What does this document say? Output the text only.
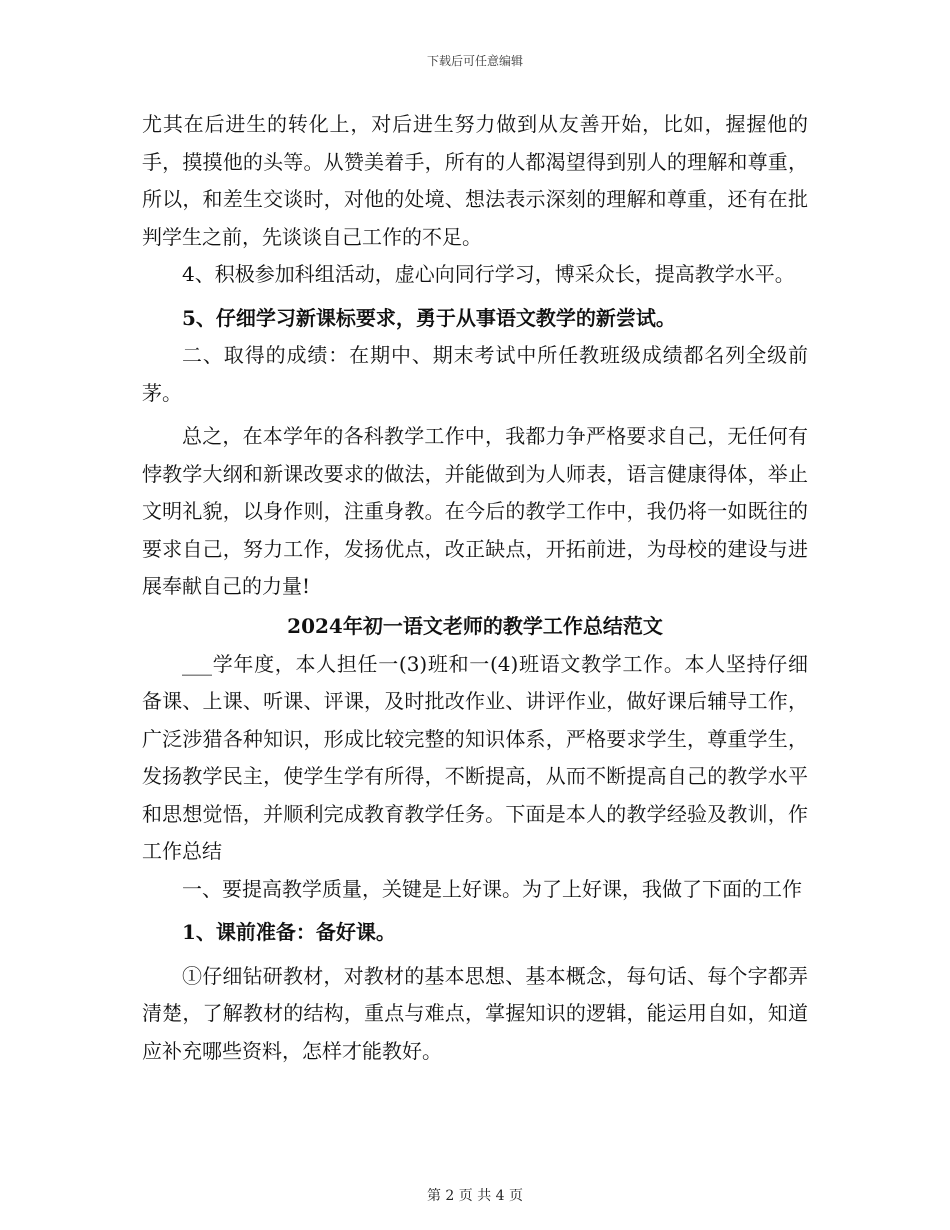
下载后可任意编辑

尤其在后进生的转化上，对后进生努力做到从友善开始，比如，握握他的手，摸摸他的头等。从赞美着手，所有的人都渴望得到别人的理解和尊重，所以，和差生交谈时，对他的处境、想法表示深刻的理解和尊重，还有在批判学生之前，先谈谈自己工作的不足。

4、积极参加科组活动，虚心向同行学习，博采众长，提高教学水平。

5、仔细学习新课标要求，勇于从事语文教学的新尝试。

二、取得的成绩：在期中、期末考试中所任教班级成绩都名列全级前茅。

总之，在本学年的各科教学工作中，我都力争严格要求自己，无任何有悖教学大纲和新课改要求的做法，并能做到为人师表，语言健康得体，举止文明礼貌，以身作则，注重身教。在今后的教学工作中，我仍将一如既往的要求自己，努力工作，发扬优点，改正缺点，开拓前进，为母校的建设与进展奉献自己的力量!

2024年初一语文老师的教学工作总结范文

___学年度，本人担任一(3)班和一(4)班语文教学工作。本人坚持仔细备课、上课、听课、评课，及时批改作业、讲评作业，做好课后辅导工作，广泛涉猎各种知识，形成比较完整的知识体系，严格要求学生，尊重学生，发扬教学民主，使学生学有所得，不断提高，从而不断提高自己的教学水平和思想觉悟，并顺利完成教育教学任务。下面是本人的教学经验及教训，作工作总结

一、要提高教学质量，关键是上好课。为了上好课，我做了下面的工作

1、课前准备：备好课。

①仔细钻研教材，对教材的基本思想、基本概念，每句话、每个字都弄清楚，了解教材的结构，重点与难点，掌握知识的逻辑，能运用自如，知道应补充哪些资料，怎样才能教好。

第 2 页 共 4 页
